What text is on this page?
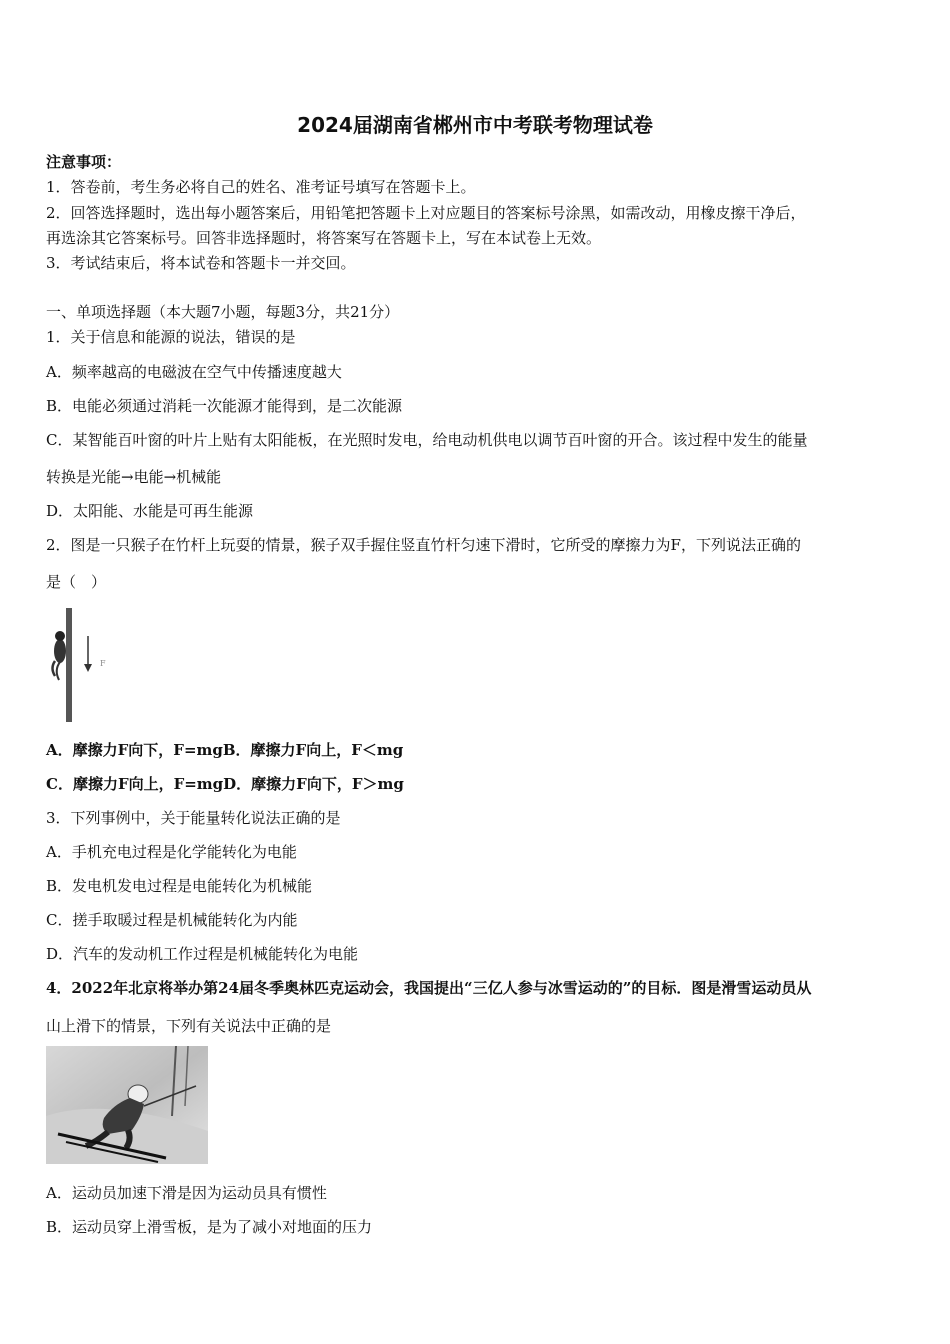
2024届湖南省郴州市中考联考物理试卷
注意事项：
1．答卷前，考生务必将自己的姓名、准考证号填写在答题卡上。
2．回答选择题时，选出每小题答案后，用铅笔把答题卡上对应题目的答案标号涂黑，如需改动，用橡皮擦干净后，
再选涂其它答案标号。回答非选择题时，将答案写在答题卡上，写在本试卷上无效。
3．考试结束后，将本试卷和答题卡一并交回。
一、单项选择题（本大题7小题，每题3分，共21分）
1．关于信息和能源的说法，错误的是
A．频率越高的电磁波在空气中传播速度越大
B．电能必须通过消耗一次能源才能得到，是二次能源
C．某智能百叶窗的叶片上贴有太阳能板，在光照时发电，给电动机供电以调节百叶窗的开合。该过程中发生的能量
转换是光能→电能→机械能
D．太阳能、水能是可再生能源
2．图是一只猴子在竹杆上玩耍的情景，猴子双手握住竖直竹杆匀速下滑时，它所受的摩擦力为F，下列说法正确的
是（　）
F
A．摩擦力F向下，F=mgB．摩擦力F向上，F＜mg
C．摩擦力F向上，F=mgD．摩擦力F向下，F＞mg
3．下列事例中，关于能量转化说法正确的是
A．手机充电过程是化学能转化为电能
B．发电机发电过程是电能转化为机械能
C．搓手取暖过程是机械能转化为内能
D．汽车的发动机工作过程是机械能转化为电能
4．2022年北京将举办第24届冬季奥林匹克运动会，我国提出“三亿人参与冰雪运动的”的目标．图是滑雪运动员从
山上滑下的情景，下列有关说法中正确的是
A．运动员加速下滑是因为运动员具有惯性
B．运动员穿上滑雪板，是为了减小对地面的压力
